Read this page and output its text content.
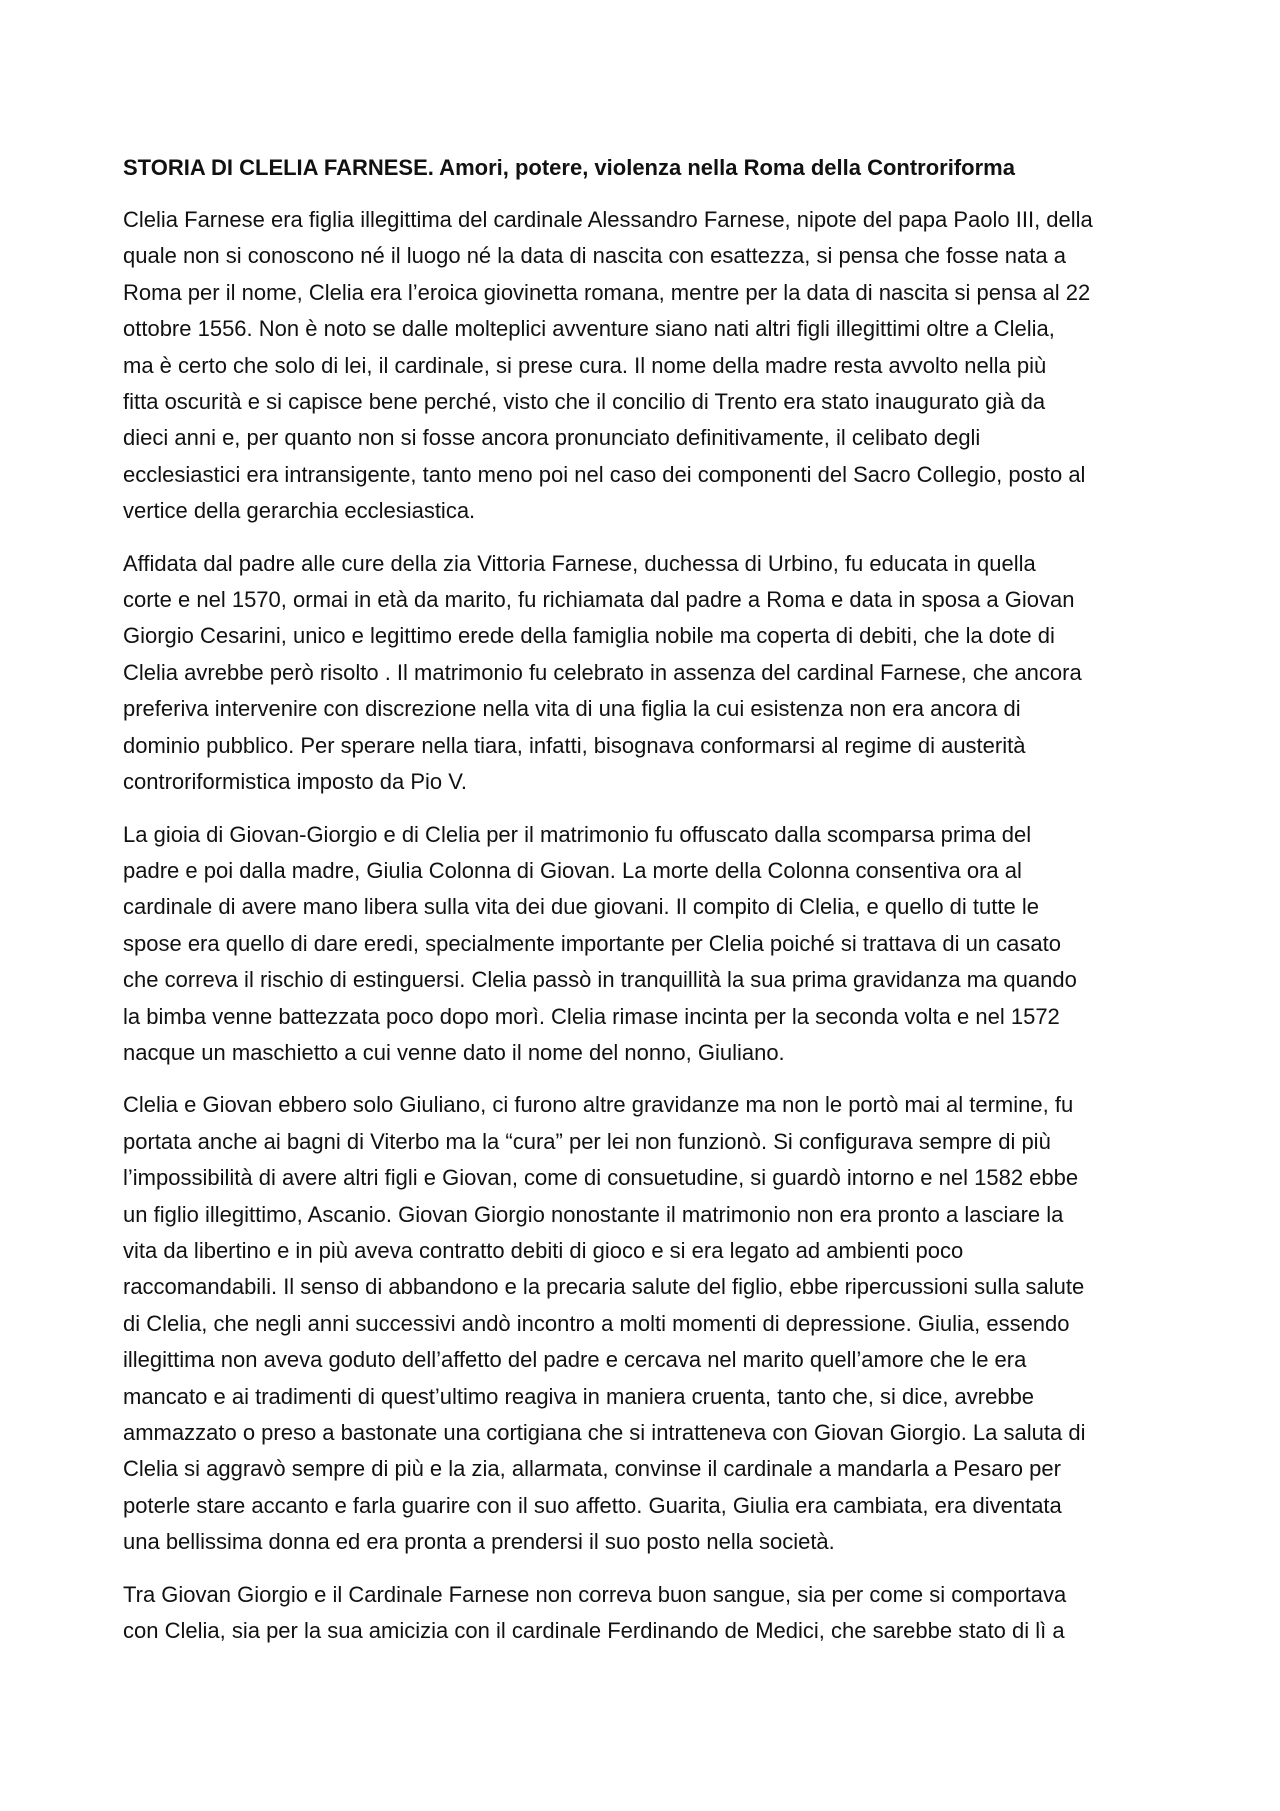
STORIA DI CLELIA FARNESE. Amori, potere, violenza nella Roma della Controriforma
Clelia Farnese era figlia illegittima del cardinale Alessandro Farnese, nipote del papa Paolo III, della
quale non si conoscono né il luogo né la data di nascita con esattezza, si pensa che fosse nata a
Roma per il nome, Clelia era l’eroica giovinetta romana, mentre per la data di nascita si pensa al 22
ottobre 1556. Non è noto se dalle molteplici avventure siano nati altri figli illegittimi oltre a Clelia,
ma è certo che solo di lei, il cardinale, si prese cura. Il nome della madre resta avvolto nella più
fitta oscurità e si capisce bene perché, visto che il concilio di Trento era stato inaugurato già da
dieci anni e, per quanto non si fosse ancora pronunciato definitivamente, il celibato degli
ecclesiastici era intransigente, tanto meno poi nel caso dei componenti del Sacro Collegio, posto al
vertice della gerarchia ecclesiastica.
Affidata dal padre alle cure della zia Vittoria Farnese, duchessa di Urbino, fu educata in quella
corte e nel 1570, ormai in età da marito, fu richiamata dal padre a Roma e data in sposa a Giovan
Giorgio Cesarini, unico e legittimo erede della famiglia nobile ma coperta di debiti, che la dote di
Clelia avrebbe però risolto . Il matrimonio fu celebrato in assenza del cardinal Farnese, che ancora
preferiva intervenire con discrezione nella vita di una figlia la cui esistenza non era ancora di
dominio pubblico. Per sperare nella tiara, infatti, bisognava conformarsi al regime di austerità
controriformistica imposto da Pio V.
La gioia di Giovan-Giorgio e di Clelia per il matrimonio fu offuscato dalla scomparsa prima del
padre e poi dalla madre, Giulia Colonna di Giovan. La morte della Colonna consentiva ora al
cardinale di avere mano libera sulla vita dei due giovani. Il compito di Clelia, e quello di tutte le
spose era quello di dare eredi, specialmente importante per Clelia poiché si trattava di un casato
che correva il rischio di estinguersi. Clelia passò in tranquillità la sua prima gravidanza ma quando
la bimba venne battezzata poco dopo morì. Clelia rimase incinta per la seconda volta e nel 1572
nacque un maschietto a cui venne dato il nome del nonno, Giuliano.
Clelia e Giovan ebbero solo Giuliano, ci furono altre gravidanze ma non le portò mai al termine, fu
portata anche ai bagni di Viterbo ma la “cura” per lei non funzionò. Si configurava sempre di più
l’impossibilità di avere altri figli e Giovan, come di consuetudine, si guardò intorno e nel 1582 ebbe
un figlio illegittimo, Ascanio. Giovan Giorgio nonostante il matrimonio non era pronto a lasciare la
vita da libertino e in più aveva contratto debiti di gioco e si era legato ad ambienti poco
raccomandabili. Il senso di abbandono e la precaria salute del figlio, ebbe ripercussioni sulla salute
di Clelia, che negli anni successivi andò incontro a molti momenti di depressione. Giulia, essendo
illegittima non aveva goduto dell’affetto del padre e cercava nel marito quell’amore che le era
mancato e ai tradimenti di quest’ultimo reagiva in maniera cruenta, tanto che, si dice, avrebbe
ammazzato o preso a bastonate una cortigiana che si intratteneva con Giovan Giorgio. La saluta di
Clelia si aggravò sempre di più e la zia, allarmata, convinse il cardinale a mandarla a Pesaro per
poterle stare accanto e farla guarire con il suo affetto. Guarita, Giulia era cambiata, era diventata
una bellissima donna ed era pronta a prendersi il suo posto nella società.
Tra Giovan Giorgio e il Cardinale Farnese non correva buon sangue, sia per come si comportava
con Clelia, sia per la sua amicizia con il cardinale Ferdinando de Medici, che sarebbe stato di lì a
